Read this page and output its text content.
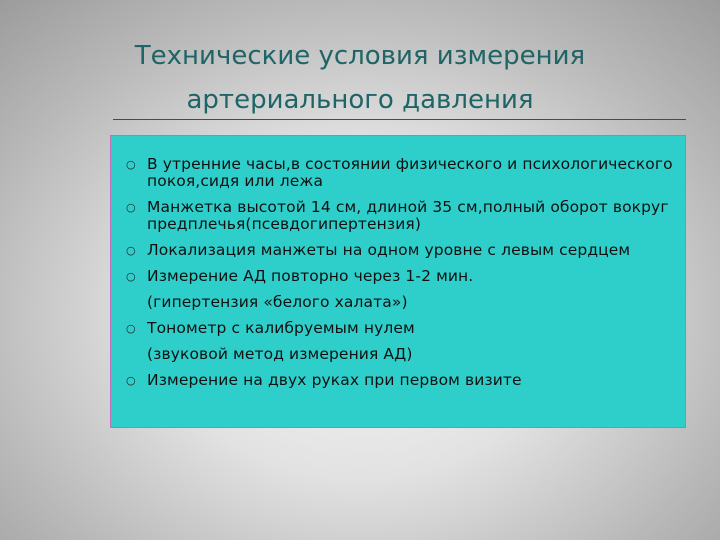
Технические условия измерения
артериального давления
○ В утренние часы,в состоянии физического и психологического покоя,сидя или лежа
○ Манжетка высотой 14 см, длиной 35 см,полный оборот вокруг предплечья(псевдогипертензия)
○ Локализация манжеты на одном уровне с левым сердцем
○ Измерение АД повторно через 1-2 мин.
(гипертензия «белого халата»)
○ Тонометр с калибруемым нулем
(звуковой метод измерения АД)
○ Измерение на двух руках при первом визите
